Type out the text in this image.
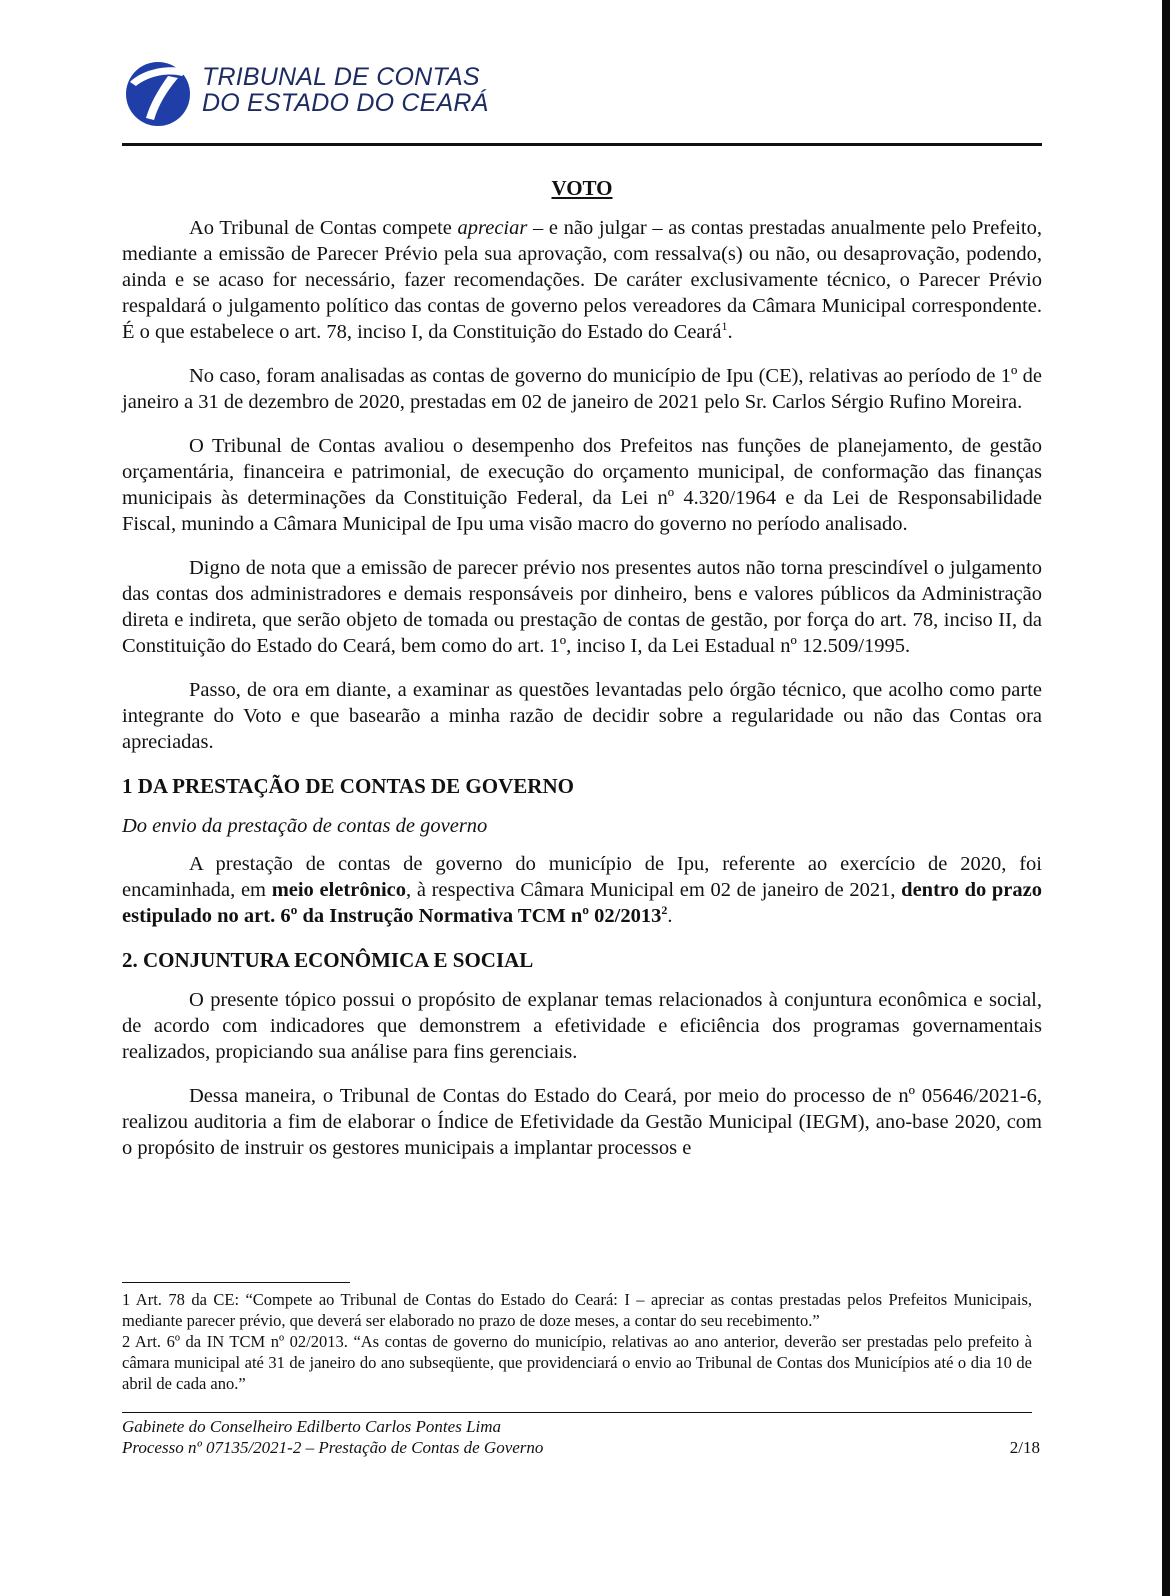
TRIBUNAL DE CONTAS
DO ESTADO DO CEARÁ
VOTO

Ao Tribunal de Contas compete apreciar – e não julgar – as contas prestadas anualmente pelo Prefeito, mediante a emissão de Parecer Prévio pela sua aprovação, com ressalva(s) ou não, ou desaprovação, podendo, ainda e se acaso for necessário, fazer recomendações. De caráter exclusivamente técnico, o Parecer Prévio respaldará o julgamento político das contas de governo pelos vereadores da Câmara Municipal correspondente. É o que estabelece o art. 78, inciso I, da Constituição do Estado do Ceará$^1$.

No caso, foram analisadas as contas de governo do município de Ipu (CE), relativas ao período de 1º de janeiro a 31 de dezembro de 2020, prestadas em 02 de janeiro de 2021 pelo Sr. Carlos Sérgio Rufino Moreira.

O Tribunal de Contas avaliou o desempenho dos Prefeitos nas funções de planejamento, de gestão orçamentária, financeira e patrimonial, de execução do orçamento municipal, de conformação das finanças municipais às determinações da Constituição Federal, da Lei nº 4.320/1964 e da Lei de Responsabilidade Fiscal, munindo a Câmara Municipal de Ipu uma visão macro do governo no período analisado.

Digno de nota que a emissão de parecer prévio nos presentes autos não torna prescindível o julgamento das contas dos administradores e demais responsáveis por dinheiro, bens e valores públicos da Administração direta e indireta, que serão objeto de tomada ou prestação de contas de gestão, por força do art. 78, inciso II, da Constituição do Estado do Ceará, bem como do art. 1º, inciso I, da Lei Estadual nº 12.509/1995.

Passo, de ora em diante, a examinar as questões levantadas pelo órgão técnico, que acolho como parte integrante do Voto e que basearão a minha razão de decidir sobre a regularidade ou não das Contas ora apreciadas.

1 DA PRESTAÇÃO DE CONTAS DE GOVERNO
Do envio da prestação de contas de governo

A prestação de contas de governo do município de Ipu, referente ao exercício de 2020, foi encaminhada, em meio eletrônico, à respectiva Câmara Municipal em 02 de janeiro de 2021, dentro do prazo estipulado no art. 6º da Instrução Normativa TCM nº 02/2013$^2$.

2. CONJUNTURA ECONÔMICA E SOCIAL

O presente tópico possui o propósito de explanar temas relacionados à conjuntura econômica e social, de acordo com indicadores que demonstrem a efetividade e eficiência dos programas governamentais realizados, propiciando sua análise para fins gerenciais.

Dessa maneira, o Tribunal de Contas do Estado do Ceará, por meio do processo de nº 05646/2021-6, realizou auditoria a fim de elaborar o Índice de Efetividade da Gestão Municipal (IEGM), ano-base 2020, com o propósito de instruir os gestores municipais a implantar processos e

1 Art. 78 da CE: “Compete ao Tribunal de Contas do Estado do Ceará: I – apreciar as contas prestadas pelos Prefeitos Municipais, mediante parecer prévio, que deverá ser elaborado no prazo de doze meses, a contar do seu recebimento.”

2 Art. 6º da IN TCM nº 02/2013. “As contas de governo do município, relativas ao ano anterior, deverão ser prestadas pelo prefeito à câmara municipal até 31 de janeiro do ano subseqüente, que providenciará o envio ao Tribunal de Contas dos Municípios até o dia 10 de abril de cada ano.”

Gabinete do Conselheiro Edilberto Carlos Pontes Lima
Processo nº 07135/2021-2 – Prestação de Contas de Governo	2/18
